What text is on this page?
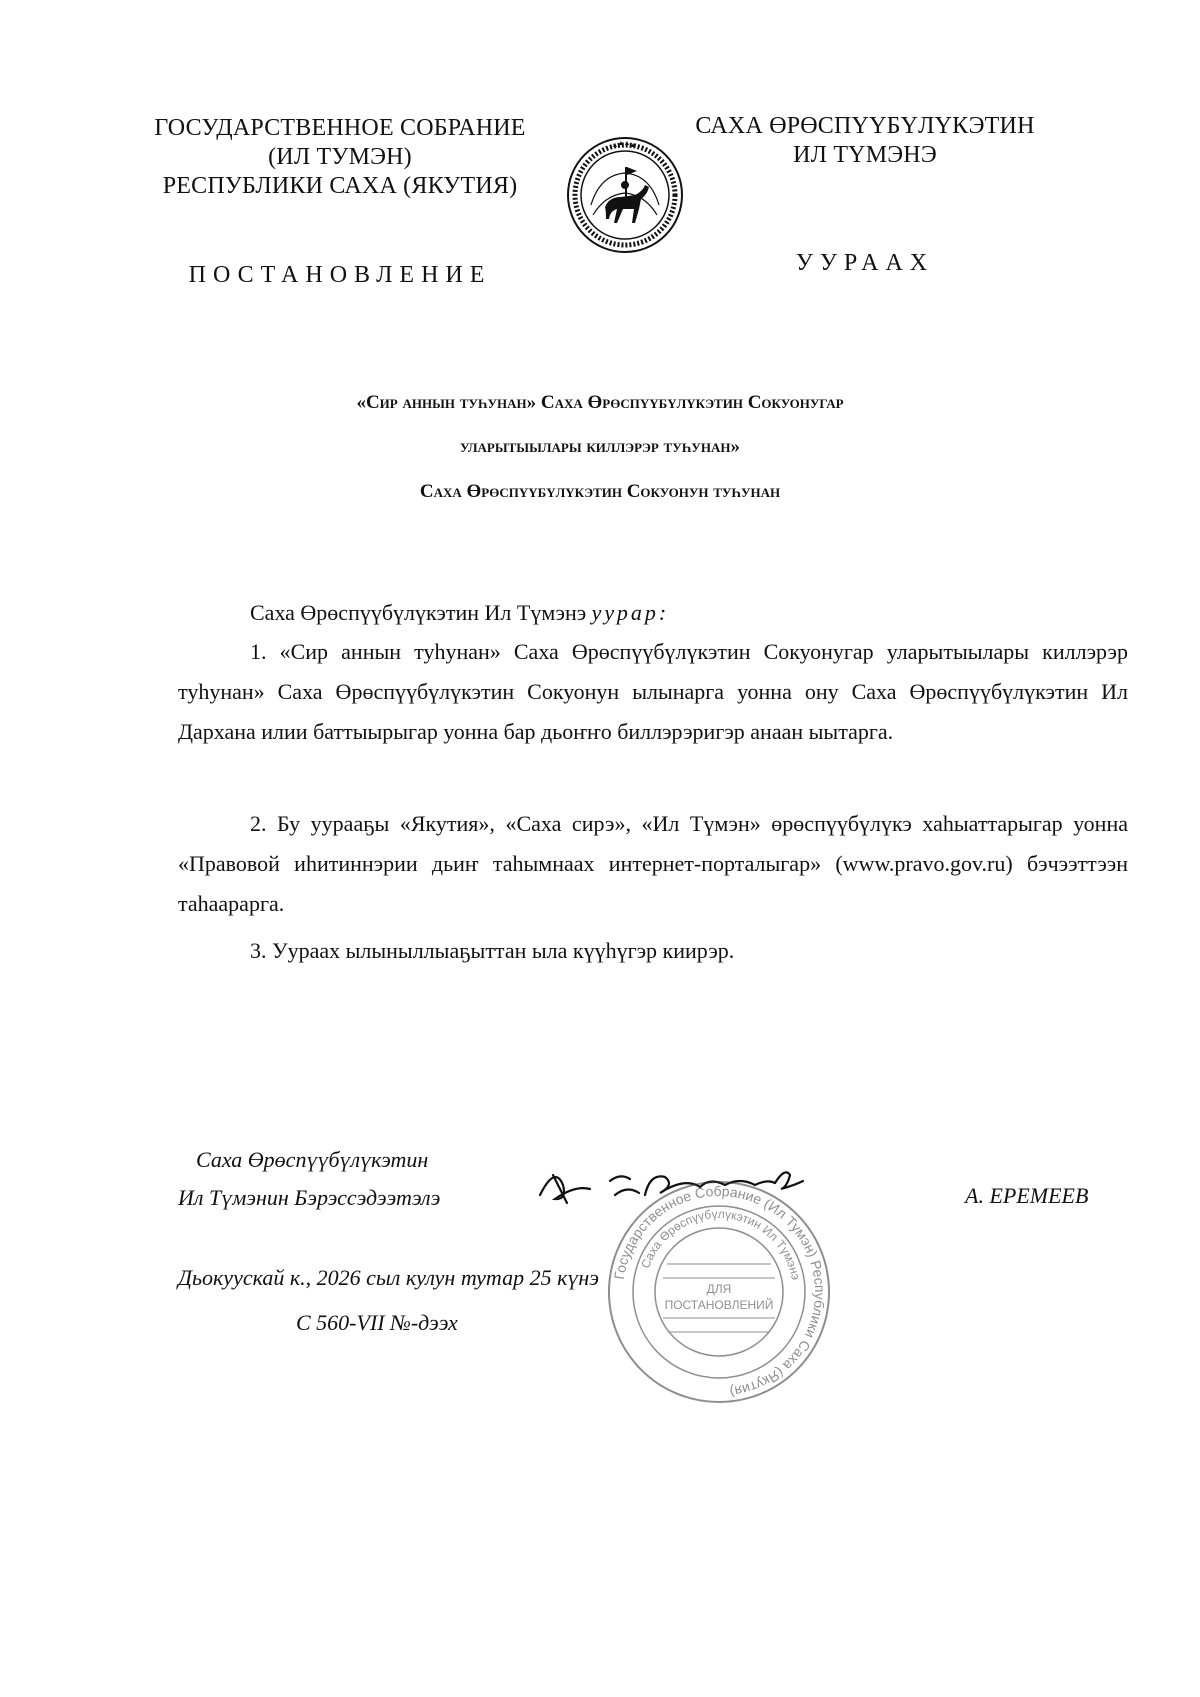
ГОСУДАРСТВЕННОЕ СОБРАНИЕ
(ИЛ ТУМЭН)
РЕСПУБЛИКИ САХА (ЯКУТИЯ)
САХА ӨРӨСПҮҮБҮЛҮКЭТИН
ИЛ ТҮМЭНЭ
ПОСТАНОВЛЕНИЕ	УУРААХ
«Сир аннын туһунан» Саха Өрөспүүбүлүкэтин Сокуонугар
уларытыылары киллэрэр туһунан»
Саха Өрөспүүбүлүкэтин Сокуонун туһунан
Саха Өрөспүүбүлүкэтин Ил Түмэнэ уурар:
1. «Сир аннын туһунан» Саха Өрөспүүбүлүкэтин Сокуонугар уларытыылары киллэрэр туһунан» Саха Өрөспүүбүлүкэтин Сокуонун ылынарга уонна ону Саха Өрөспүүбүлүкэтин Ил Дархана илии баттыырыгар уонна бар дьоҥҥо биллэрэригэр анаан ыытарга.
2. Бу уурааҕы «Якутия», «Саха сирэ», «Ил Түмэн» өрөспүүбүлүкэ хаһыаттарыгар уонна «Правовой иһитиннэрии дьиҥ таһымнаах интернет-порталыгар» (www.pravo.gov.ru) бэчээттээн таһаарарга.
3. Уураах ылыныллыаҕыттан ыла күүһүгэр киирэр.
Саха Өрөспүүбүлүкэтин
Ил Түмэнин Бэрэссэдээтэлэ	А. ЕРЕМЕЕВ
Дьокуускай к., 2026 сыл кулун тутар 25 күнэ
С 560-VII №-дээх
Государственное Собрание (Ил Тумэн) Республики Саха (Якутия)
Саха Өрөспүүбүлүкэтин Ил Түмэнэ
ДЛЯ
ПОСТАНОВЛЕНИЙ
